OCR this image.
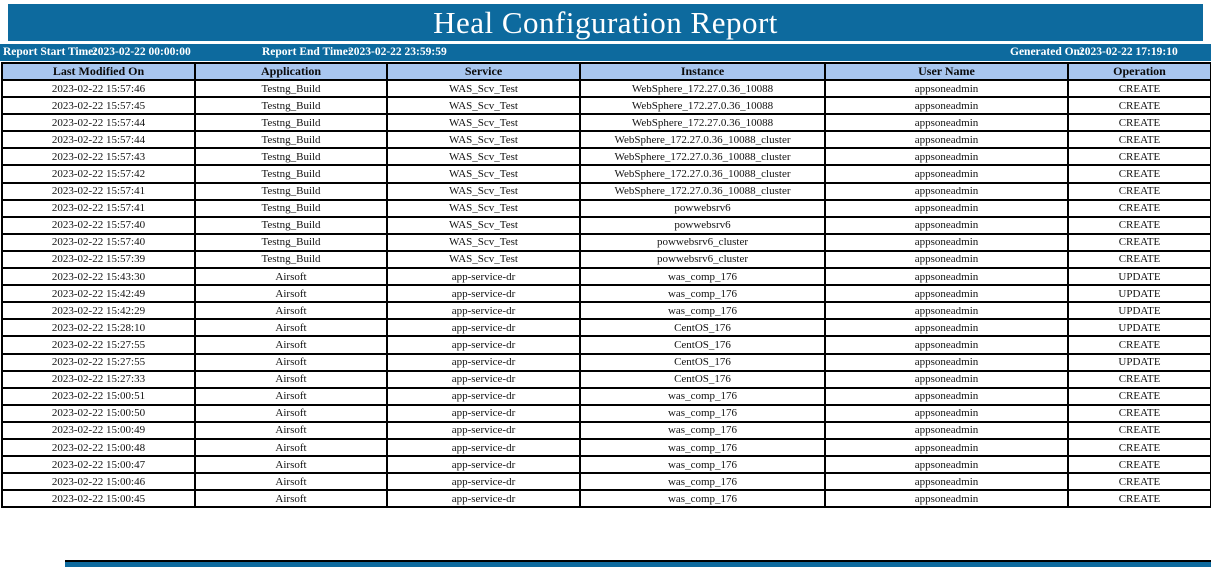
Heal Configuration Report
Report Start Time:
2023-02-22 00:00:00	Report End Time:
2023-02-22 23:59:59	Generated On:
2023-02-22 17:19:10
Last Modified On	Application	Service	Instance	User Name	Operation
2023-02-22 15:57:46	Testng_Build	WAS_Scv_Test	WebSphere_172.27.0.36_10088	appsoneadmin	CREATE
2023-02-22 15:57:45	Testng_Build	WAS_Scv_Test	WebSphere_172.27.0.36_10088	appsoneadmin	CREATE
2023-02-22 15:57:44	Testng_Build	WAS_Scv_Test	WebSphere_172.27.0.36_10088	appsoneadmin	CREATE
2023-02-22 15:57:44	Testng_Build	WAS_Scv_Test	WebSphere_172.27.0.36_10088_cluster	appsoneadmin	CREATE
2023-02-22 15:57:43	Testng_Build	WAS_Scv_Test	WebSphere_172.27.0.36_10088_cluster	appsoneadmin	CREATE
2023-02-22 15:57:42	Testng_Build	WAS_Scv_Test	WebSphere_172.27.0.36_10088_cluster	appsoneadmin	CREATE
2023-02-22 15:57:41	Testng_Build	WAS_Scv_Test	WebSphere_172.27.0.36_10088_cluster	appsoneadmin	CREATE
2023-02-22 15:57:41	Testng_Build	WAS_Scv_Test	powwebsrv6	appsoneadmin	CREATE
2023-02-22 15:57:40	Testng_Build	WAS_Scv_Test	powwebsrv6	appsoneadmin	CREATE
2023-02-22 15:57:40	Testng_Build	WAS_Scv_Test	powwebsrv6_cluster	appsoneadmin	CREATE
2023-02-22 15:57:39	Testng_Build	WAS_Scv_Test	powwebsrv6_cluster	appsoneadmin	CREATE
2023-02-22 15:43:30	Airsoft	app-service-dr	was_comp_176	appsoneadmin	UPDATE
2023-02-22 15:42:49	Airsoft	app-service-dr	was_comp_176	appsoneadmin	UPDATE
2023-02-22 15:42:29	Airsoft	app-service-dr	was_comp_176	appsoneadmin	UPDATE
2023-02-22 15:28:10	Airsoft	app-service-dr	CentOS_176	appsoneadmin	UPDATE
2023-02-22 15:27:55	Airsoft	app-service-dr	CentOS_176	appsoneadmin	CREATE
2023-02-22 15:27:55	Airsoft	app-service-dr	CentOS_176	appsoneadmin	UPDATE
2023-02-22 15:27:33	Airsoft	app-service-dr	CentOS_176	appsoneadmin	CREATE
2023-02-22 15:00:51	Airsoft	app-service-dr	was_comp_176	appsoneadmin	CREATE
2023-02-22 15:00:50	Airsoft	app-service-dr	was_comp_176	appsoneadmin	CREATE
2023-02-22 15:00:49	Airsoft	app-service-dr	was_comp_176	appsoneadmin	CREATE
2023-02-22 15:00:48	Airsoft	app-service-dr	was_comp_176	appsoneadmin	CREATE
2023-02-22 15:00:47	Airsoft	app-service-dr	was_comp_176	appsoneadmin	CREATE
2023-02-22 15:00:46	Airsoft	app-service-dr	was_comp_176	appsoneadmin	CREATE
2023-02-22 15:00:45	Airsoft	app-service-dr	was_comp_176	appsoneadmin	CREATE
